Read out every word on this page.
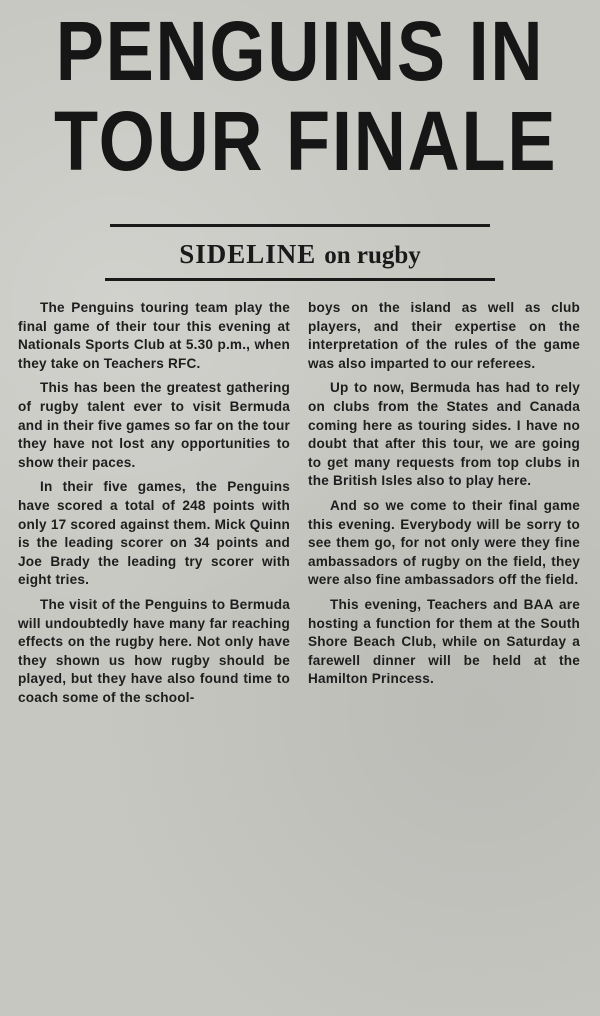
PENGUINS IN
TOUR FINALE
SIDELINE on rugby

The Penguins touring team play the final game of their tour this evening at Nationals Sports Club at 5.30 p.m., when they take on Teachers RFC.

This has been the greatest gathering of rugby talent ever to visit Bermuda and in their five games so far on the tour they have not lost any opportunities to show their paces.

In their five games, the Penguins have scored a total of 248 points with only 17 scored against them. Mick Quinn is the leading scorer on 34 points and Joe Brady the leading try scorer with eight tries.

The visit of the Penguins to Bermuda will undoubtedly have many far reaching effects on the rugby here. Not only have they shown us how rugby should be played, but they have also found time to coach some of the school-

boys on the island as well as club players, and their expertise on the interpretation of the rules of the game was also imparted to our referees.

Up to now, Bermuda has had to rely on clubs from the States and Canada coming here as touring sides. I have no doubt that after this tour, we are going to get many requests from top clubs in the British Isles also to play here.

And so we come to their final game this evening. Everybody will be sorry to see them go, for not only were they fine ambassadors of rugby on the field, they were also fine ambassadors off the field.

This evening, Teachers and BAA are hosting a function for them at the South Shore Beach Club, while on Saturday a farewell dinner will be held at the Hamilton Princess.
